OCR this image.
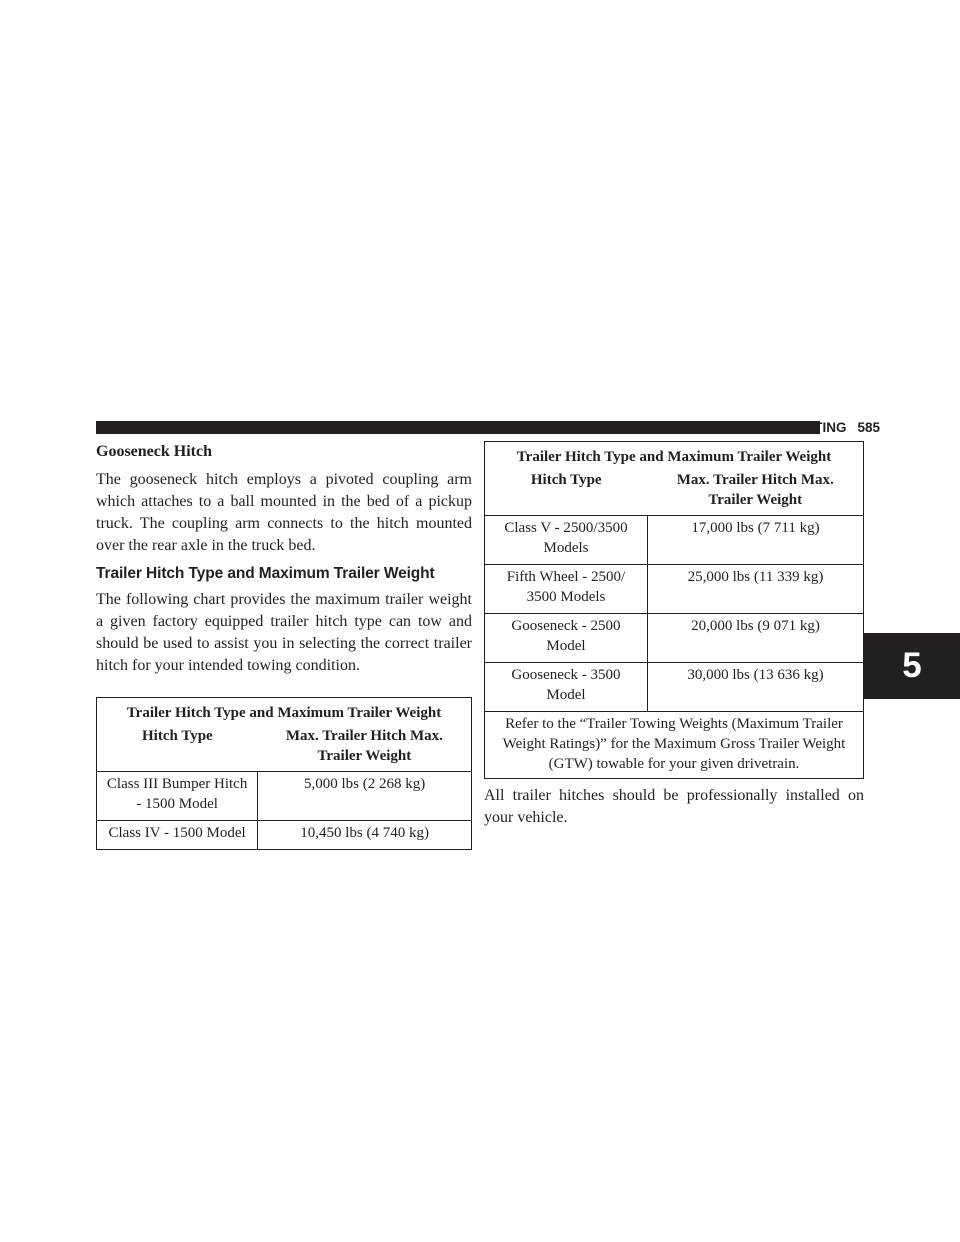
STARTING AND OPERATING 585
5
Gooseneck Hitch

The gooseneck hitch employs a pivoted coupling arm which attaches to a ball mounted in the bed of a pickup truck. The coupling arm connects to the hitch mounted over the rear axle in the truck bed.

Trailer Hitch Type and Maximum Trailer Weight

The following chart provides the maximum trailer weight a given factory equipped trailer hitch type can tow and should be used to assist you in selecting the correct trailer hitch for your intended towing condition.

Trailer Hitch Type and Maximum Trailer Weight	
Hitch Type	Max. Trailer Hitch Max. Trailer Weight
Class III Bumper Hitch - 1500 Model	5,000 lbs (2 268 kg)
Class IV - 1500 Model	10,450 lbs (4 740 kg)
Trailer Hitch Type and Maximum Trailer Weight	
Hitch Type	Max. Trailer Hitch Max. Trailer Weight
Class V - 2500/3500 Models	17,000 lbs (7 711 kg)
Fifth Wheel - 2500/ 3500 Models	25,000 lbs (11 339 kg)
Gooseneck - 2500 Model	20,000 lbs (9 071 kg)
Gooseneck - 3500 Model	30,000 lbs (13 636 kg)
Refer to the “Trailer Towing Weights (Maximum Trailer Weight Ratings)” for the Maximum Gross Trailer Weight (GTW) towable for your given drivetrain.	

All trailer hitches should be professionally installed on your vehicle.
